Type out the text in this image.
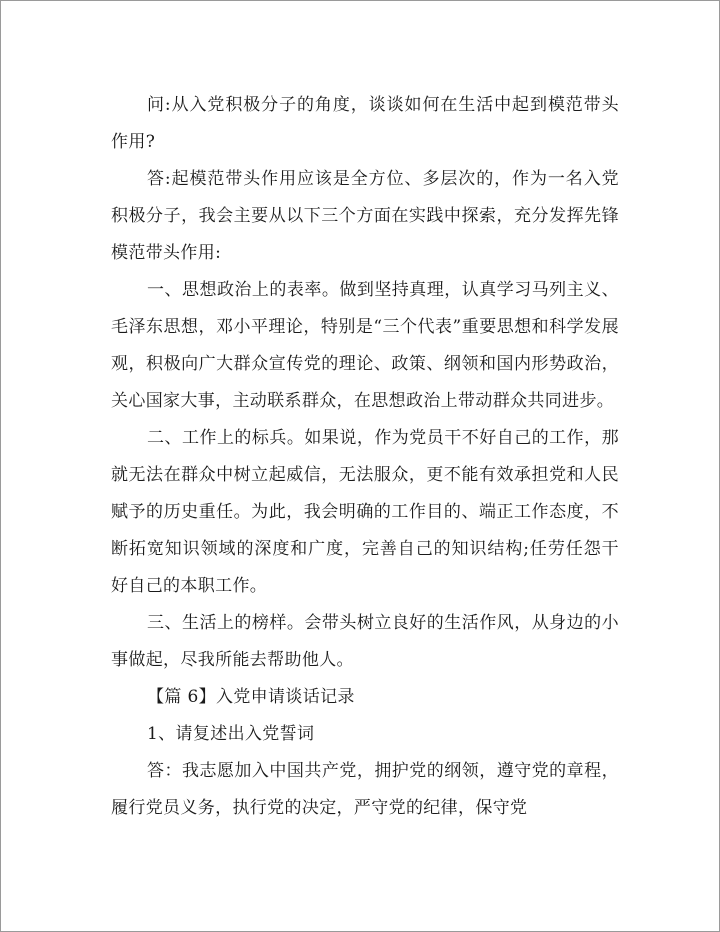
问:从入党积极分子的角度，谈谈如何在生活中起到模范带头作用?

答:起模范带头作用应该是全方位、多层次的，作为一名入党积极分子，我会主要从以下三个方面在实践中探索，充分发挥先锋模范带头作用:

一、思想政治上的表率。做到坚持真理，认真学习马列主义、毛泽东思想，邓小平理论，特别是“三个代表”重要思想和科学发展观，积极向广大群众宣传党的理论、政策、纲领和国内形势政治，关心国家大事，主动联系群众，在思想政治上带动群众共同进步。

二、工作上的标兵。如果说，作为党员干不好自己的工作，那就无法在群众中树立起威信，无法服众，更不能有效承担党和人民赋予的历史重任。为此，我会明确的工作目的、端正工作态度，不断拓宽知识领域的深度和广度，完善自己的知识结构;任劳任怨干好自己的本职工作。

三、生活上的榜样。会带头树立良好的生活作风，从身边的小事做起，尽我所能去帮助他人。

【篇 6】入党申请谈话记录

1、请复述出入党誓词

答：我志愿加入中国共产党，拥护党的纲领，遵守党的章程，履行党员义务，执行党的决定，严守党的纪律，保守党
